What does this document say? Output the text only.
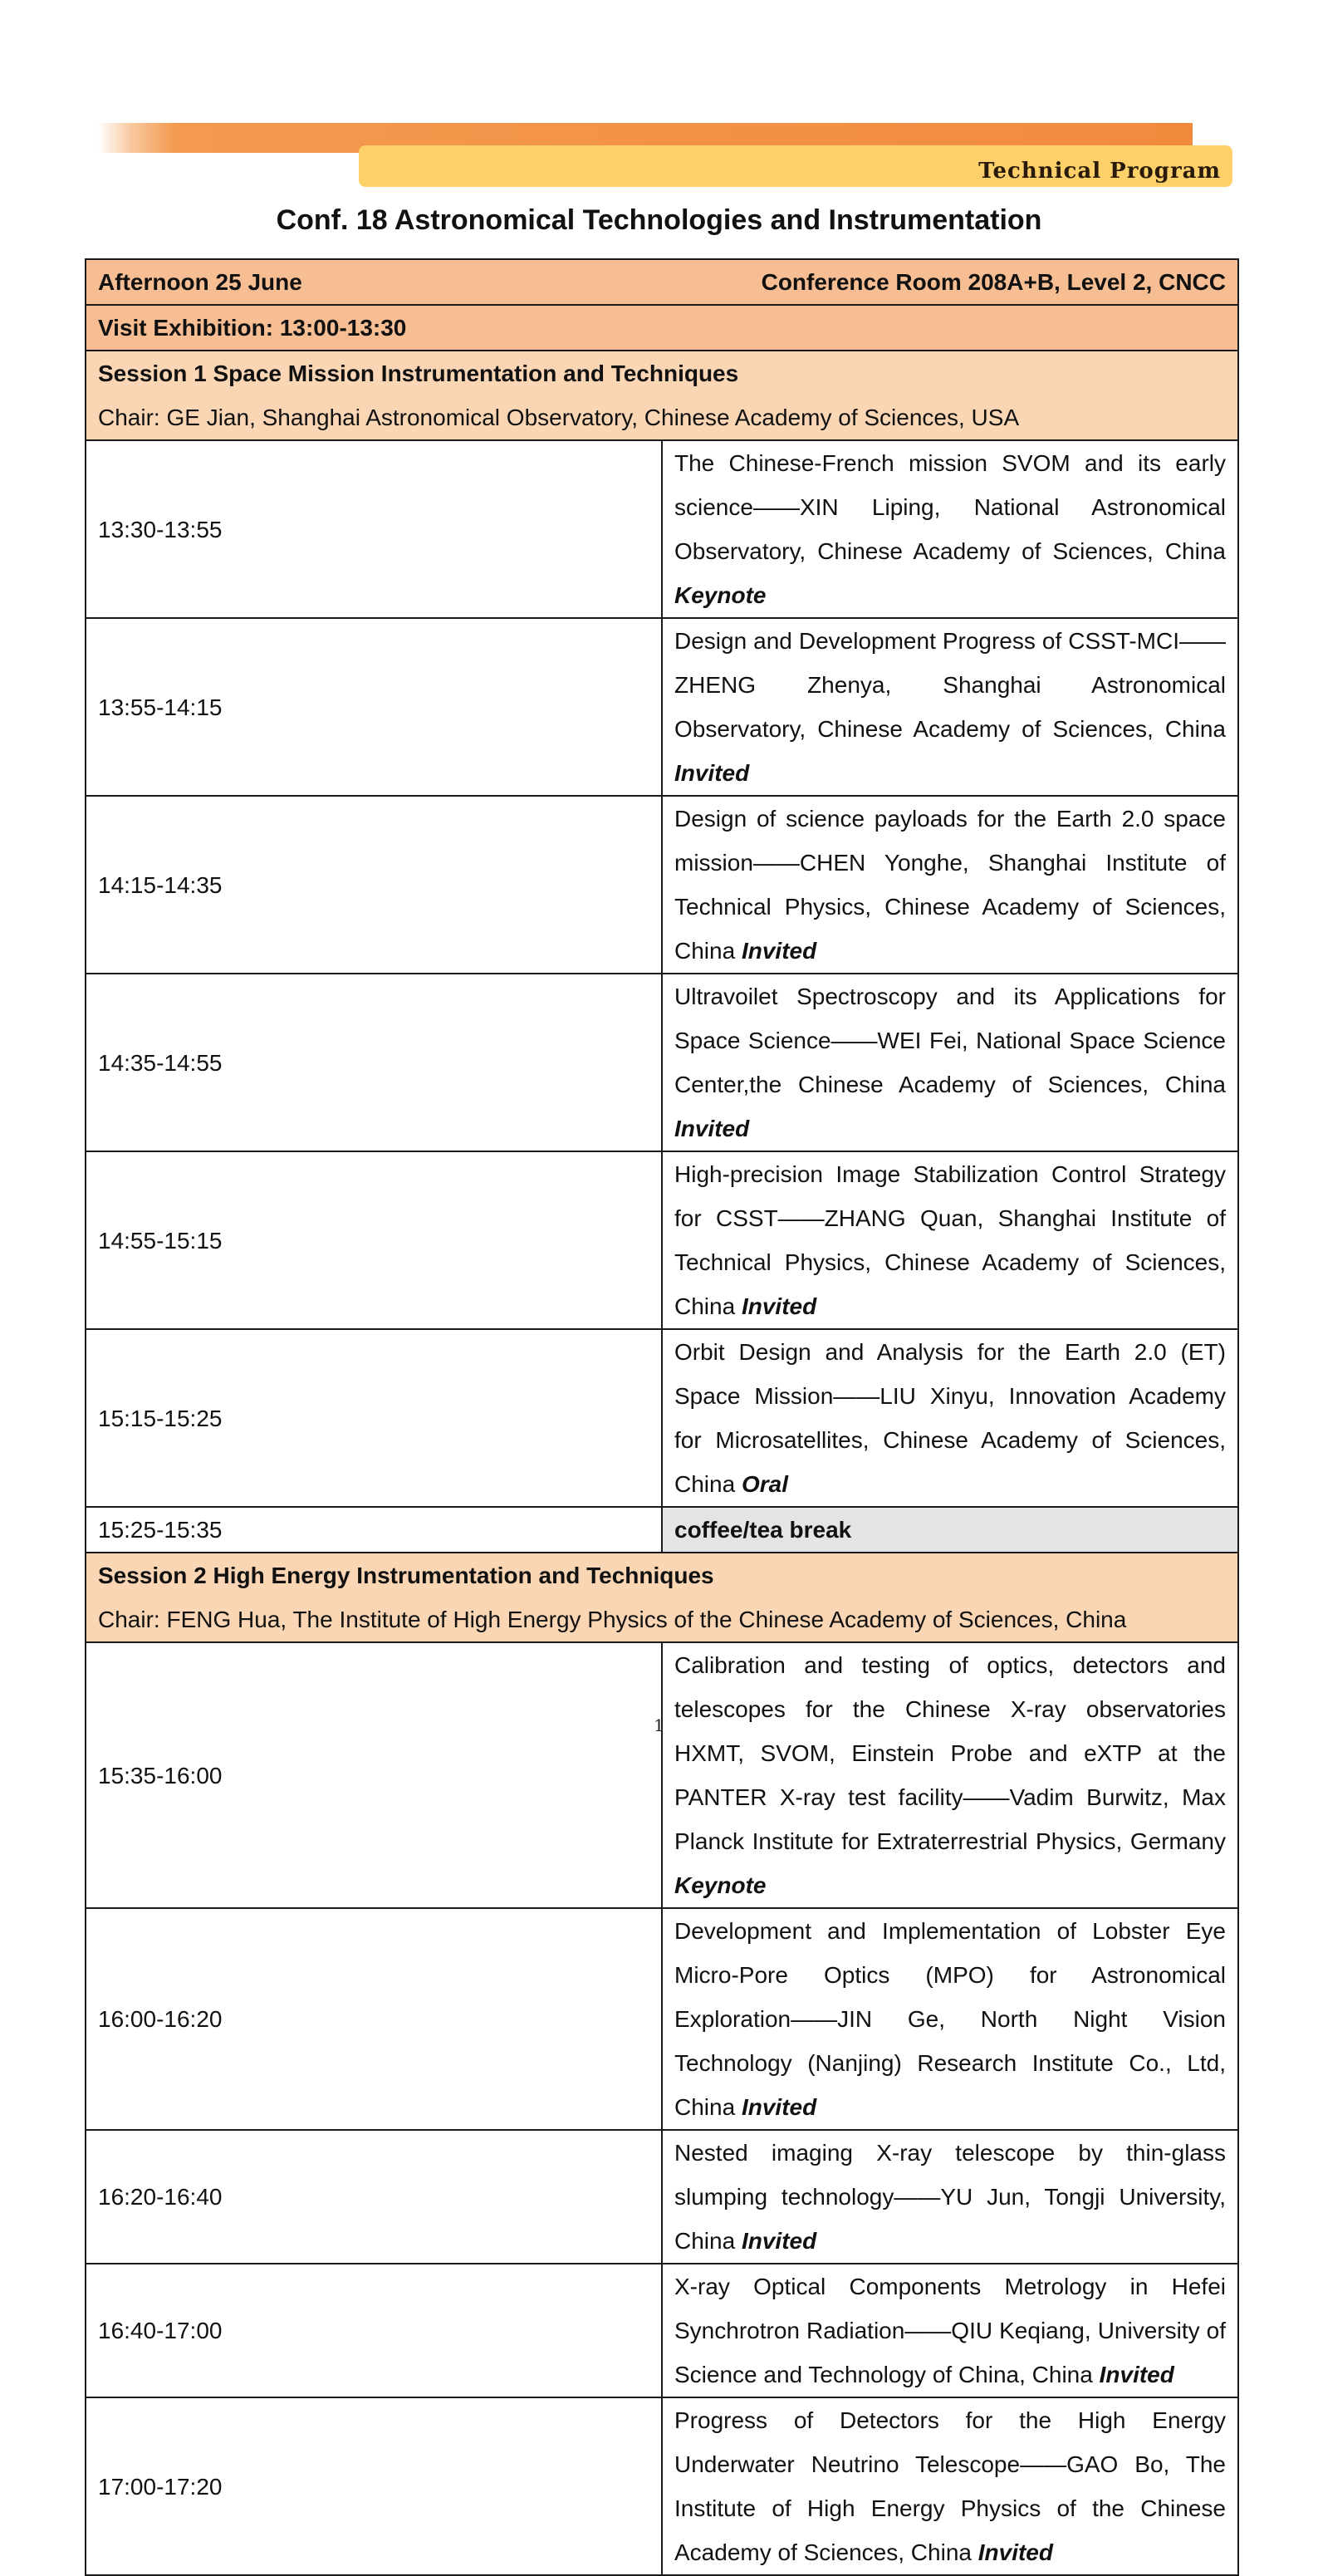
Technical Program
Conf. 18 Astronomical Technologies and Instrumentation
Afternoon 25 June Conference Room 208A+B, Level 2, CNCC	

Visit Exhibition: 13:00-13:30	

Session 1 Space Mission Instrumentation and Techniques
Chair: GE Jian, Shanghai Astronomical Observatory, Chinese Academy of Sciences, USA	

13:30-13:55	The Chinese-French mission SVOM and its early science——XIN Liping, National Astronomical Observatory, Chinese Academy of Sciences, China Keynote
13:55-14:15	Design and Development Progress of CSST-MCI——ZHENG Zhenya, Shanghai Astronomical Observatory, Chinese Academy of Sciences, China Invited
14:15-14:35	Design of science payloads for the Earth 2.0 space mission——CHEN Yonghe, Shanghai Institute of Technical Physics, Chinese Academy of Sciences, China Invited
14:35-14:55	Ultravoilet Spectroscopy and its Applications for Space Science——WEI Fei, National Space Science Center,the Chinese Academy of Sciences, China Invited
14:55-15:15	High-precision Image Stabilization Control Strategy for CSST——ZHANG Quan, Shanghai Institute of Technical Physics, Chinese Academy of Sciences, China Invited
15:15-15:25	Orbit Design and Analysis for the Earth 2.0 (ET) Space Mission——LIU Xinyu, Innovation Academy for Microsatellites, Chinese Academy of Sciences, China Oral
15:25-15:35	coffee/tea break

Session 2 High Energy Instrumentation and Techniques
Chair: FENG Hua, The Institute of High Energy Physics of the Chinese Academy of Sciences, China	

15:35-16:00	Calibration and testing of optics, detectors and telescopes for the Chinese X-ray observatories HXMT, SVOM, Einstein Probe and eXTP at the PANTER X-ray test facility——Vadim Burwitz, Max Planck Institute for Extraterrestrial Physics, Germany Keynote
16:00-16:20	Development and Implementation of Lobster Eye Micro-Pore Optics (MPO) for Astronomical Exploration——JIN Ge, North Night Vision Technology (Nanjing) Research Institute Co., Ltd, China Invited
16:20-16:40	Nested imaging X-ray telescope by thin-glass slumping technology——YU Jun, Tongji University, China Invited
16:40-17:00	X-ray Optical Components Metrology in Hefei Synchrotron Radiation——QIU Keqiang, University of Science and Technology of China, China Invited
17:00-17:20	Progress of Detectors for the High Energy Underwater Neutrino Telescope——GAO Bo, The Institute of High Energy Physics of the Chinese Academy of Sciences, China Invited
1
